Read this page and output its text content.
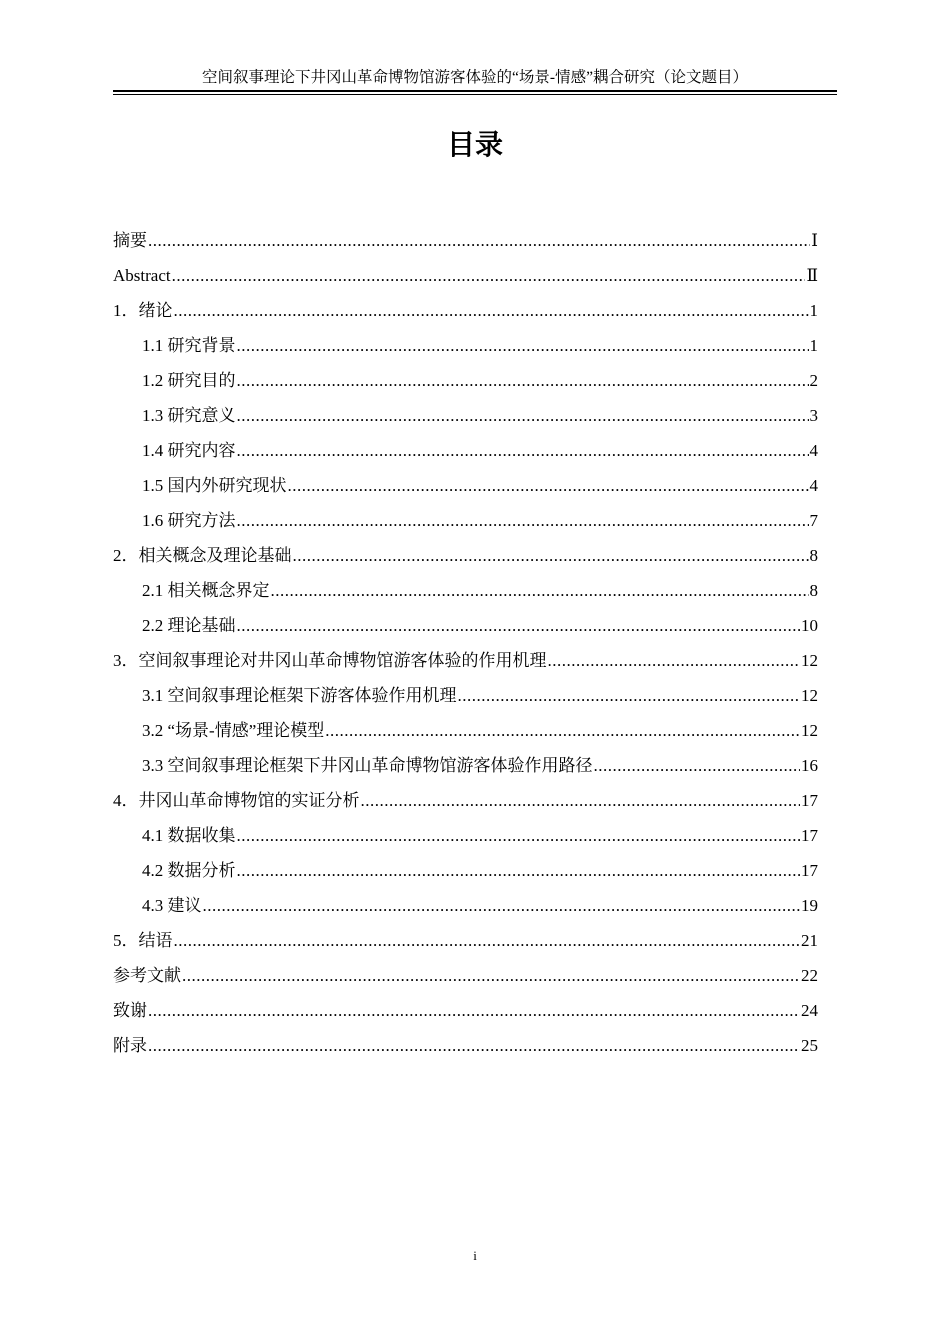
空间叙事理论下井冈山革命博物馆游客体验的“场景-情感”耦合研究（论文题目）
目录
摘要 .....	Ⅰ
Abstract .....	Ⅱ
1．绪论 .....	1
1.1 研究背景 .....	1
1.2 研究目的 .....	2
1.3 研究意义 .....	3
1.4 研究内容 .....	4
1.5 国内外研究现状 .....	4
1.6 研究方法 .....	7
2．相关概念及理论基础 .....	8
2.1 相关概念界定 .....	8
2.2 理论基础 .....	10
3．空间叙事理论对井冈山革命博物馆游客体验的作用机理 .....	12
3.1 空间叙事理论框架下游客体验作用机理 .....	12
3.2 “场景-情感”理论模型 .....	12
3.3 空间叙事理论框架下井冈山革命博物馆游客体验作用路径 .....	16
4．井冈山革命博物馆的实证分析 .....	17
4.1 数据收集 .....	17
4.2 数据分析 .....	17
4.3 建议 .....	19
5．结语 .....	21
参考文献 .....	22
致谢 .....	24
附录 .....	25
i
